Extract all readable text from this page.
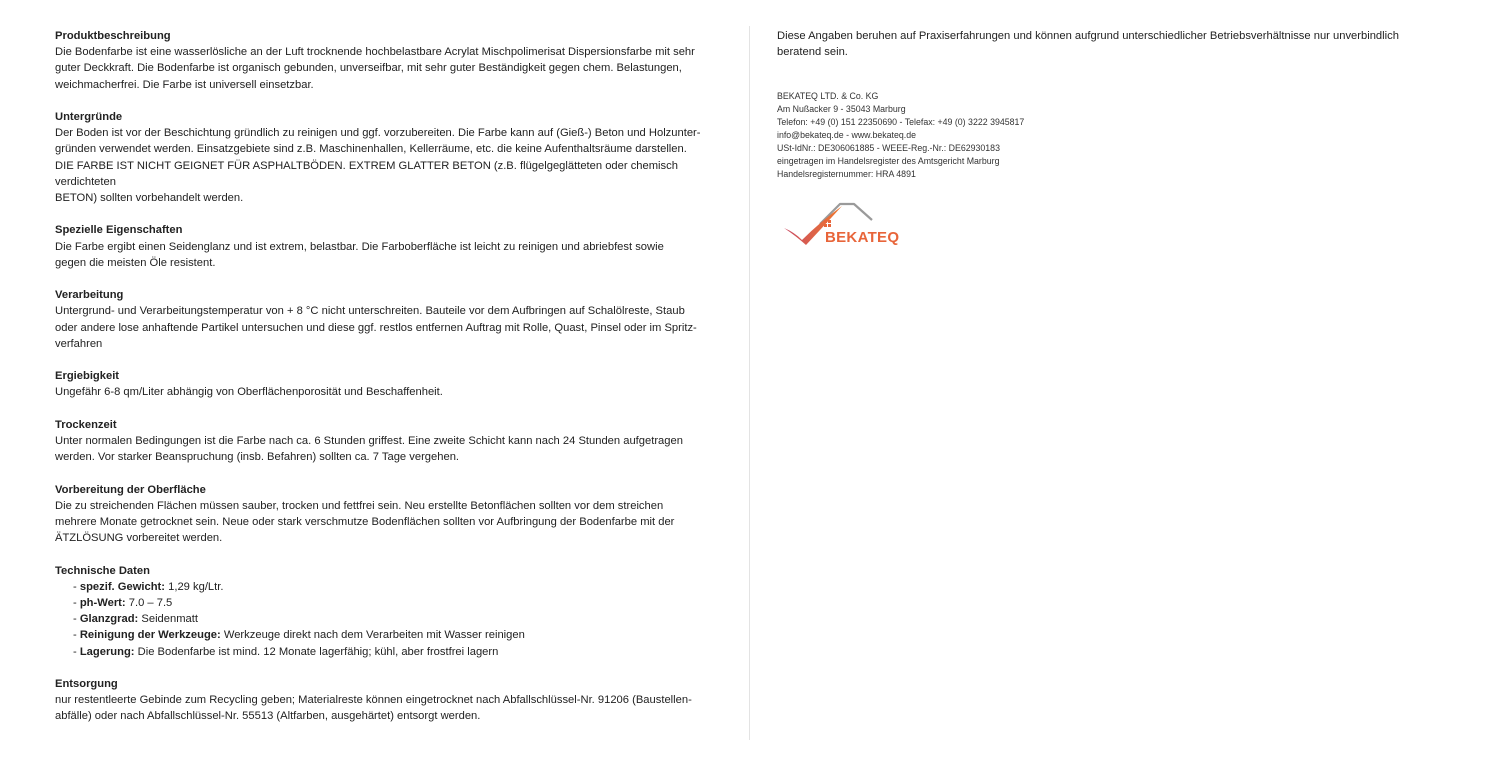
Produktbeschreibung
Die Bodenfarbe ist eine wasserlösliche an der Luft trocknende hochbelastbare Acrylat Mischpolimerisat Dispersionsfarbe mit sehr
guter Deckkraft. Die Bodenfarbe ist organisch gebunden, unverseifbar, mit sehr guter Beständigkeit gegen chem. Belastungen,
weichmacherfrei. Die Farbe ist universell einsetzbar.
Untergründe
Der Boden ist vor der Beschichtung gründlich zu reinigen und ggf. vorzubereiten. Die Farbe kann auf (Gieß-) Beton und Holzunter-
gründen verwendet werden. Einsatzgebiete sind z.B. Maschinenhallen, Kellerräume, etc. die keine Aufenthaltsräume darstellen.
DIE FARBE IST NICHT GEIGNET FÜR ASPHALTBÖDEN. EXTREM GLATTER BETON (z.B. flügelgeglätteten oder chemisch verdichteten
BETON) sollten vorbehandelt werden.
Spezielle Eigenschaften
Die Farbe ergibt einen Seidenglanz und ist extrem, belastbar. Die Farboberfläche ist leicht zu reinigen und abriebfest sowie
gegen die meisten Öle resistent.
Verarbeitung
Untergrund- und Verarbeitungstemperatur von + 8 °C nicht unterschreiten. Bauteile vor dem Aufbringen auf Schalölreste, Staub
oder andere lose anhaftende Partikel untersuchen und diese ggf. restlos entfernen Auftrag mit Rolle, Quast, Pinsel oder im Spritz-
verfahren
Ergiebigkeit
Ungefähr 6-8 qm/Liter abhängig von Oberflächenporosität und Beschaffenheit.
Trockenzeit
Unter normalen Bedingungen ist die Farbe nach ca. 6 Stunden griffest. Eine zweite Schicht kann nach 24 Stunden aufgetragen
werden. Vor starker Beanspruchung (insb. Befahren) sollten ca. 7 Tage vergehen.
Vorbereitung der Oberfläche
Die zu streichenden Flächen müssen sauber, trocken und fettfrei sein. Neu erstellte Betonflächen sollten vor dem streichen
mehrere Monate getrocknet sein. Neue oder stark verschmutze Bodenflächen sollten vor Aufbringung der Bodenfarbe mit der
ÄTZLÖSUNG vorbereitet werden.
Technische Daten
- spezif. Gewicht: 1,29 kg/Ltr.
- ph-Wert: 7.0 – 7.5
- Glanzgrad: Seidenmatt
- Reinigung der Werkzeuge: Werkzeuge direkt nach dem Verarbeiten mit Wasser reinigen
- Lagerung: Die Bodenfarbe ist mind. 12 Monate lagerfähig; kühl, aber frostfrei lagern
Entsorgung
nur restentleerte Gebinde zum Recycling geben; Materialreste können eingetrocknet nach Abfallschlüssel-Nr. 91206 (Baustellen-
abfälle) oder nach Abfallschlüssel-Nr. 55513 (Altfarben, ausgehärtet) entsorgt werden.
Diese Angaben beruhen auf Praxiserfahrungen und können aufgrund unterschiedlicher Betriebsverhältnisse nur unverbindlich
beratend sein.
BEKATEQ LTD. & Co. KG
Am Nußacker 9 - 35043 Marburg
Telefon: +49 (0) 151 22350690 - Telefax: +49 (0) 3222 3945817
info@bekateq.de - www.bekateq.de
USt-IdNr.: DE306061885 - WEEE-Reg.-Nr.: DE62930183
eingetragen im Handelsregister des Amtsgericht Marburg
Handelsregisternummer: HRA 4891
BEKATEQ
